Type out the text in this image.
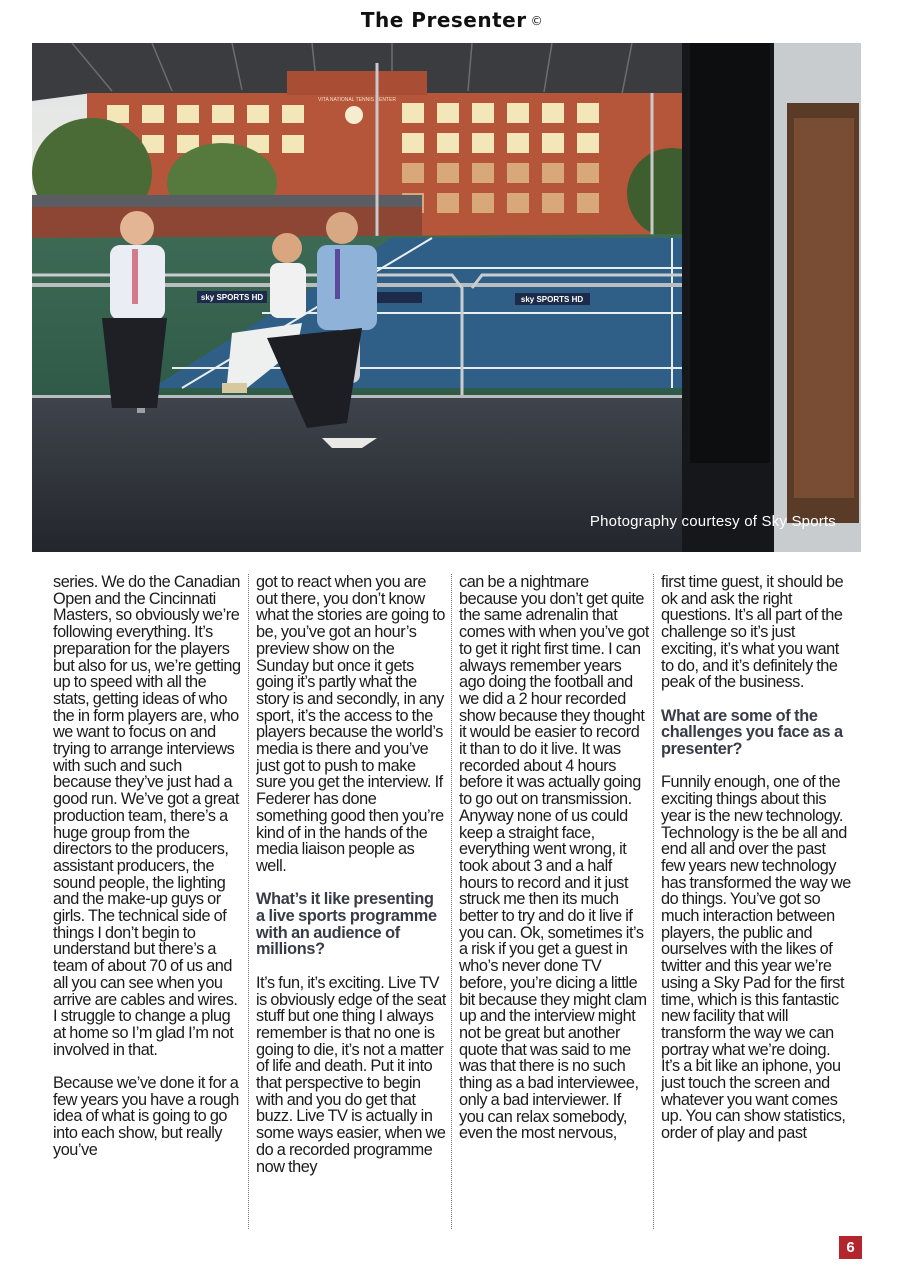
The Presenter ©
VITA NATIONAL TENNIS CENTER
sky SPORTS HD	sky SPORTS HD
Photography courtesy of Sky Sports

series. We do the Canadian Open and the Cincinnati Masters, so obviously we’re following everything. It’s preparation for the players but also for us, we’re getting up to speed with all the stats, getting ideas of who the in form players are, who we want to focus on and trying to arrange interviews with such and such because they’ve just had a good run. We’ve got a great production team, there’s a huge group from the directors to the producers, assistant producers, the sound people, the lighting and the make-up guys or girls. The technical side of things I don’t begin to understand but there’s a team of about 70 of us and all you can see when you arrive are cables and wires. I struggle to change a plug at home so I’m glad I’m not involved in that.

Because we’ve done it for a few years you have a rough idea of what is going to go into each show, but really you’ve

got to react when you are out there, you don’t know what the stories are going to be, you’ve got an hour’s preview show on the Sunday but once it gets going it’s partly what the story is and secondly, in any sport, it’s the access to the players because the world’s media is there and you’ve just got to push to make sure you get the interview. If Federer has done something good then you’re kind of in the hands of the media liaison people as well.

What’s it like presenting a live sports programme with an audience of millions?

It’s fun, it’s exciting. Live TV is obviously edge of the seat stuff but one thing I always remember is that no one is going to die, it’s not a matter of life and death. Put it into that perspective to begin with and you do get that buzz. Live TV is actually in some ways easier, when we do a recorded programme now they

can be a nightmare because you don’t get quite the same adrenalin that comes with when you’ve got to get it right first time. I can always remember years ago doing the football and we did a 2 hour recorded show because they thought it would be easier to record it than to do it live. It was recorded about 4 hours before it was actually going to go out on transmission. Anyway none of us could keep a straight face, everything went wrong, it took about 3 and a half hours to record and it just struck me then its much better to try and do it live if you can. Ok, sometimes it’s a risk if you get a guest in who’s never done TV before, you’re dicing a little bit because they might clam up and the interview might not be great but another quote that was said to me was that there is no such thing as a bad interviewee, only a bad interviewer. If you can relax somebody, even the most nervous,

first time guest, it should be ok and ask the right questions. It’s all part of the challenge so it’s just exciting, it’s what you want to do, and it’s definitely the peak of the business.

What are some of the challenges you face as a presenter?

Funnily enough, one of the exciting things about this year is the new technology. Technology is the be all and end all and over the past few years new technology has transformed the way we do things. You’ve got so much interaction between players, the public and ourselves with the likes of twitter and this year we’re using a Sky Pad for the first time, which is this fantastic new facility that will transform the way we can portray what we’re doing. It’s a bit like an iphone, you just touch the screen and whatever you want comes up. You can show statistics, order of play and past

6
